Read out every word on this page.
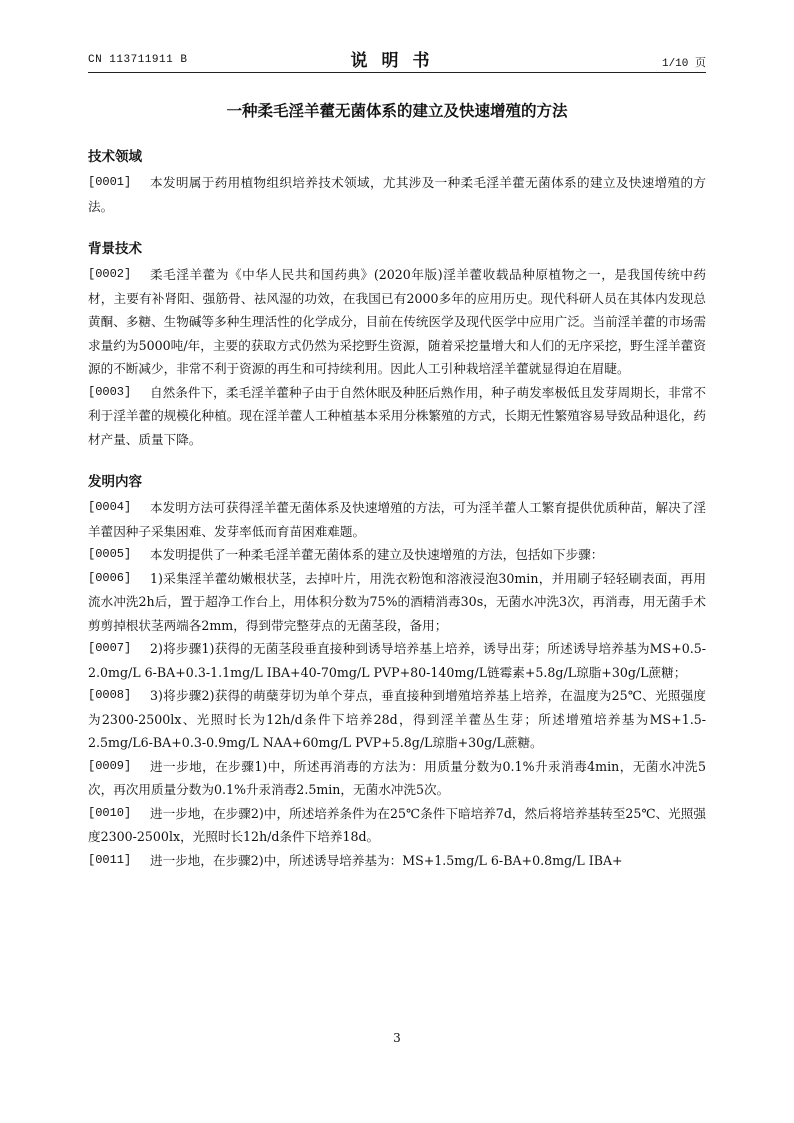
CN 113711911 B	说明书	1/10 页
一种柔毛淫羊藿无菌体系的建立及快速增殖的方法
技术领域

[0001] 本发明属于药用植物组织培养技术领域，尤其涉及一种柔毛淫羊藿无菌体系的建立及快速增殖的方法。

背景技术

[0002] 柔毛淫羊藿为《中华人民共和国药典》(2020年版)淫羊藿收载品种原植物之一，是我国传统中药材，主要有补肾阳、强筋骨、祛风湿的功效，在我国已有2000多年的应用历史。现代科研人员在其体内发现总黄酮、多糖、生物碱等多种生理活性的化学成分，目前在传统医学及现代医学中应用广泛。当前淫羊藿的市场需求量约为5000吨/年，主要的获取方式仍然为采挖野生资源，随着采挖量增大和人们的无序采挖，野生淫羊藿资源的不断减少，非常不利于资源的再生和可持续利用。因此人工引种栽培淫羊藿就显得迫在眉睫。

[0003] 自然条件下，柔毛淫羊藿种子由于自然休眠及种胚后熟作用，种子萌发率极低且发芽周期长，非常不利于淫羊藿的规模化种植。现在淫羊藿人工种植基本采用分株繁殖的方式，长期无性繁殖容易导致品种退化，药材产量、质量下降。

发明内容

[0004] 本发明方法可获得淫羊藿无菌体系及快速增殖的方法，可为淫羊藿人工繁育提供优质种苗，解决了淫羊藿因种子采集困难、发芽率低而育苗困难难题。

[0005] 本发明提供了一种柔毛淫羊藿无菌体系的建立及快速增殖的方法，包括如下步骤：

[0006] 1)采集淫羊藿幼嫩根状茎，去掉叶片，用洗衣粉饱和溶液浸泡30min，并用刷子轻轻刷表面，再用流水冲洗2h后，置于超净工作台上，用体积分数为75%的酒精消毒30s，无菌水冲洗3次，再消毒，用无菌手术剪剪掉根状茎两端各2mm，得到带完整芽点的无菌茎段，备用；

[0007] 2)将步骤1)获得的无菌茎段垂直接种到诱导培养基上培养，诱导出芽；所述诱导培养基为MS+0.5-2.0mg/L 6-BA+0.3-1.1mg/L IBA+40-70mg/L PVP+80-140mg/L链霉素+5.8g/L琼脂+30g/L蔗糖；

[0008] 3)将步骤2)获得的萌蘖芽切为单个芽点，垂直接种到增殖培养基上培养，在温度为25℃、光照强度为2300-2500lx、光照时长为12h/d条件下培养28d，得到淫羊藿丛生芽；所述增殖培养基为MS+1.5-2.5mg/L6-BA+0.3-0.9mg/L NAA+60mg/L PVP+5.8g/L琼脂+30g/L蔗糖。

[0009] 进一步地，在步骤1)中，所述再消毒的方法为：用质量分数为0.1%升汞消毒4min，无菌水冲洗5次，再次用质量分数为0.1%升汞消毒2.5min，无菌水冲洗5次。

[0010] 进一步地，在步骤2)中，所述培养条件为在25℃条件下暗培养7d，然后将培养基转至25℃、光照强度2300-2500lx，光照时长12h/d条件下培养18d。

[0011] 进一步地，在步骤2)中，所述诱导培养基为：MS+1.5mg/L 6-BA+0.8mg/L IBA+

3
